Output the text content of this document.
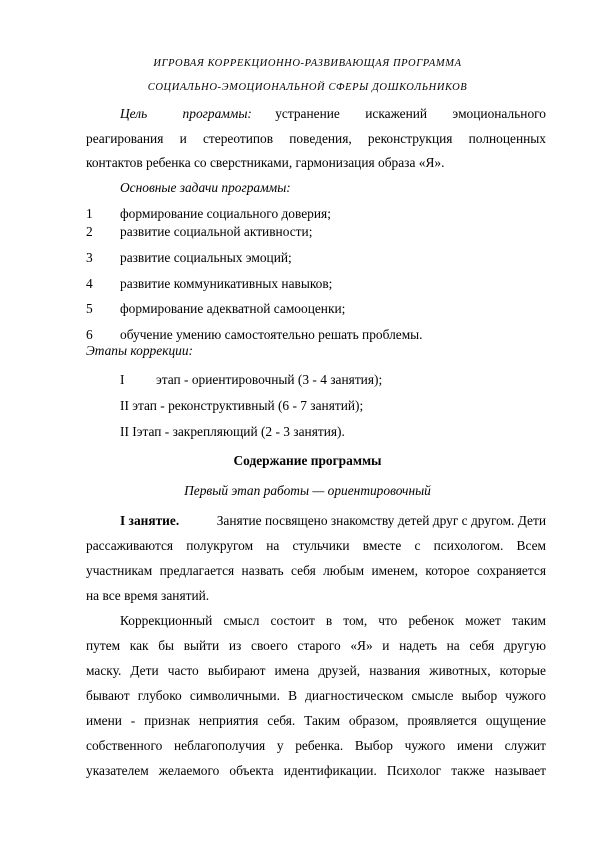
ИГРОВАЯ КОРРЕКЦИОННО-РАЗВИВАЮЩАЯ ПРОГРАММА
СОЦИАЛЬНО-ЭМОЦИОНАЛЬНОЙ СФЕРЫ ДОШКОЛЬНИКОВ
Цель программы: устранение искажений эмоционального
реагирования и стереотипов поведения, реконструкция полноценных
контактов ребенка со сверстниками, гармонизация образа «Я».
Основные задачи программы:
1 формирование социального доверия;
2 развитие социальной активности;
3 развитие социальных эмоций;
4 развитие коммуникативных навыков;
5 формирование адекватной самооценки;
6 обучение умению самостоятельно решать проблемы.
Этапы коррекции:
I этап - ориентировочный (3 - 4 занятия);
II этап - реконструктивный (6 - 7 занятий);
II Iэтап - закрепляющий (2 - 3 занятия).
Содержание программы
Первый этап работы — ориентировочный
I занятие.	Занятие посвящено знакомству детей друг с другом. Дети
рассаживаются полукругом на стульчики вместе с психологом. Всем
участникам предлагается назвать себя любым именем, которое сохраняется
на все время занятий.
Коррекционный смысл состоит в том, что ребенок может таким
путем как бы выйти из своего старого «Я» и надеть на себя другую
маску. Дети часто выбирают имена друзей, названия животных, которые
бывают глубоко символичными. В диагностическом смысле выбор чужого
имени - признак неприятия себя. Таким образом, проявляется ощущение
собственного неблагополучия у ребенка. Выбор чужого имени служит
указателем желаемого объекта идентификации. Психолог также называет
